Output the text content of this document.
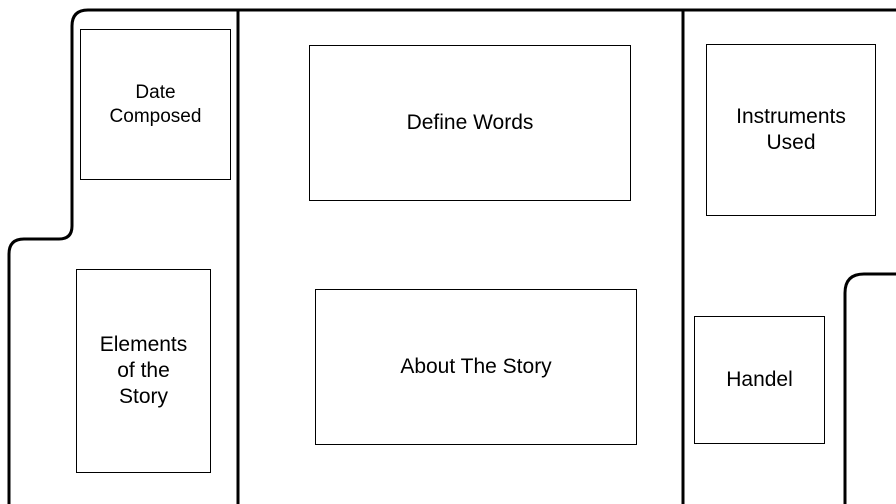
Date
Composed
Elements
of the
Story
Define Words
About The Story
Instruments
Used
Handel
